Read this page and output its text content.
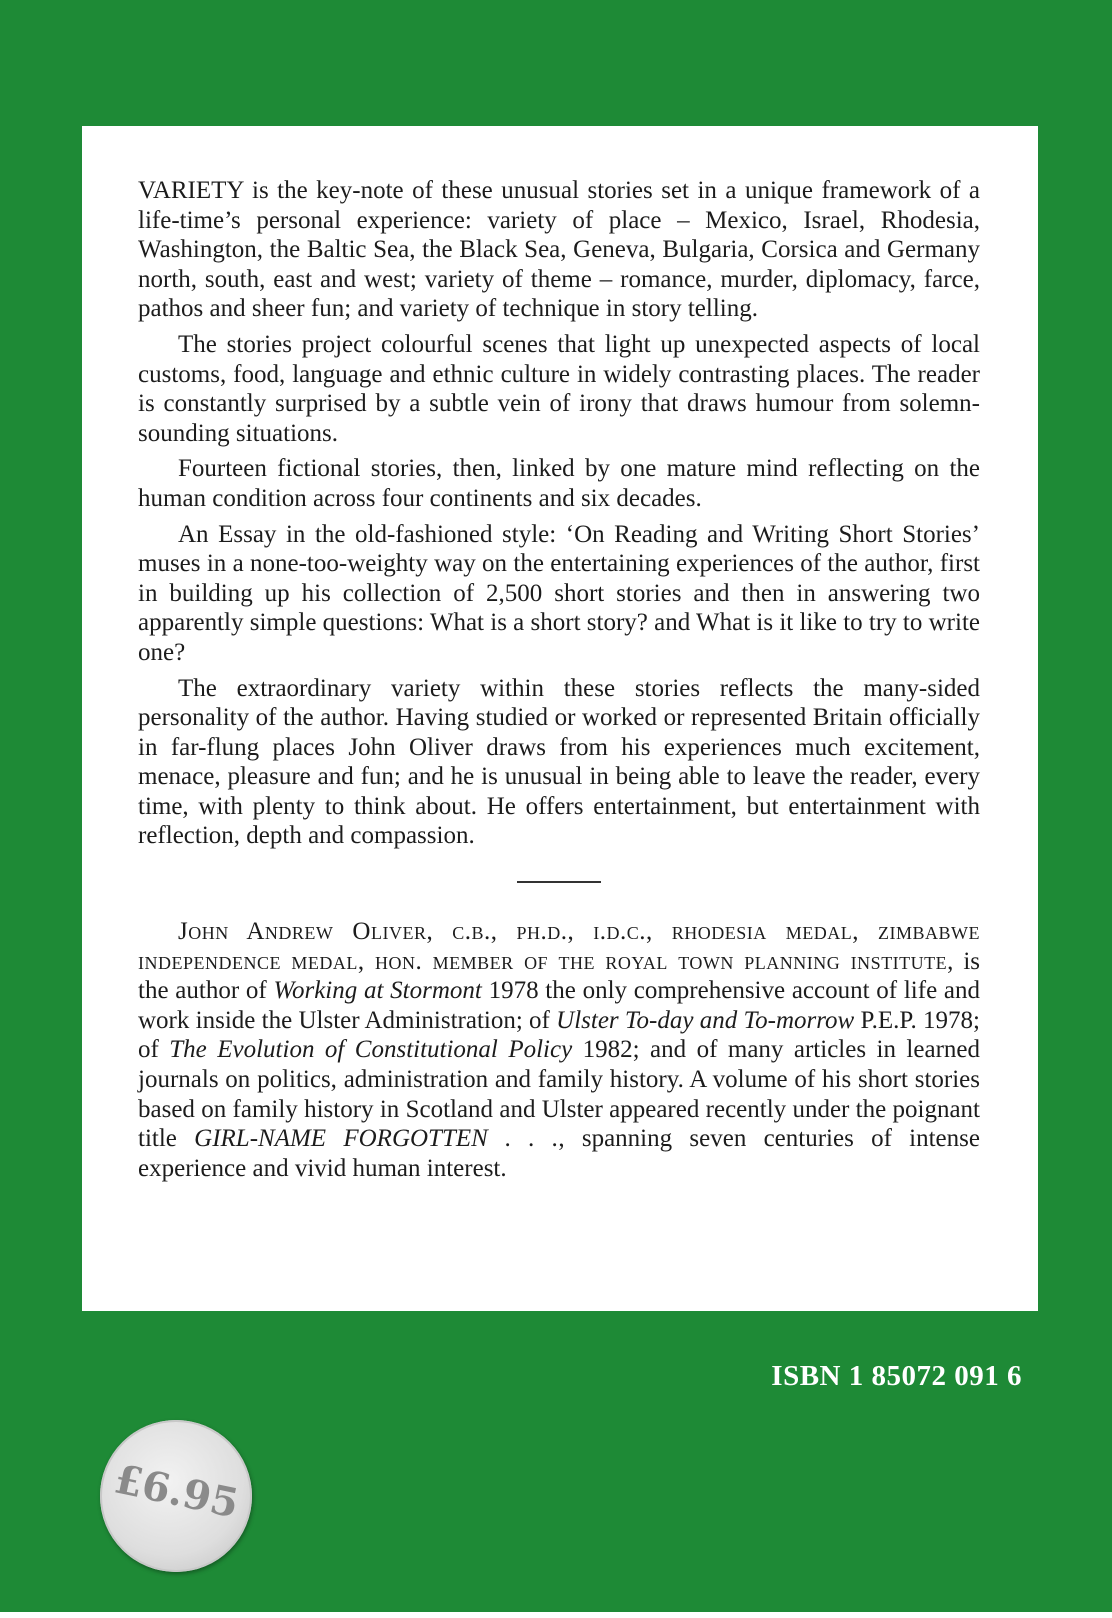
VARIETY is the key-note of these unusual stories set in a unique framework of a life-time’s personal experience: variety of place – Mexico, Israel, Rhodesia, Washington, the Baltic Sea, the Black Sea, Geneva, Bulgaria, Corsica and Germany north, south, east and west; variety of theme – romance, murder, diplomacy, farce, pathos and sheer fun; and variety of technique in story telling.

The stories project colourful scenes that light up unexpected aspects of local customs, food, language and ethnic culture in widely contrasting places. The reader is constantly surprised by a subtle vein of irony that draws humour from solemn-sounding situations.

Fourteen fictional stories, then, linked by one mature mind reflecting on the human condition across four continents and six decades.

An Essay in the old-fashioned style: ‘On Reading and Writing Short Stories’ muses in a none-too-weighty way on the entertaining experiences of the author, first in building up his collection of 2,500 short stories and then in answering two apparently simple questions: What is a short story? and What is it like to try to write one?

The extraordinary variety within these stories reflects the many-sided personality of the author. Having studied or worked or represented Britain officially in far-flung places John Oliver draws from his experiences much excitement, menace, pleasure and fun; and he is unusual in being able to leave the reader, every time, with plenty to think about. He offers entertainment, but entertainment with reflection, depth and compassion.

John Andrew Oliver, c.b., ph.d., i.d.c., rhodesia medal, zimbabwe independence medal, hon. member of the royal town planning institute, is the author of Working at Stormont 1978 the only comprehensive account of life and work inside the Ulster Administration; of Ulster To-day and To-morrow P.E.P. 1978; of The Evolution of Constitutional Policy 1982; and of many articles in learned journals on politics, administration and family history. A volume of his short stories based on family history in Scotland and Ulster appeared recently under the poignant title GIRL-NAME FORGOTTEN . . ., spanning seven centuries of intense experience and vivid human interest.

ISBN 1 85072 091 6
£6.95
